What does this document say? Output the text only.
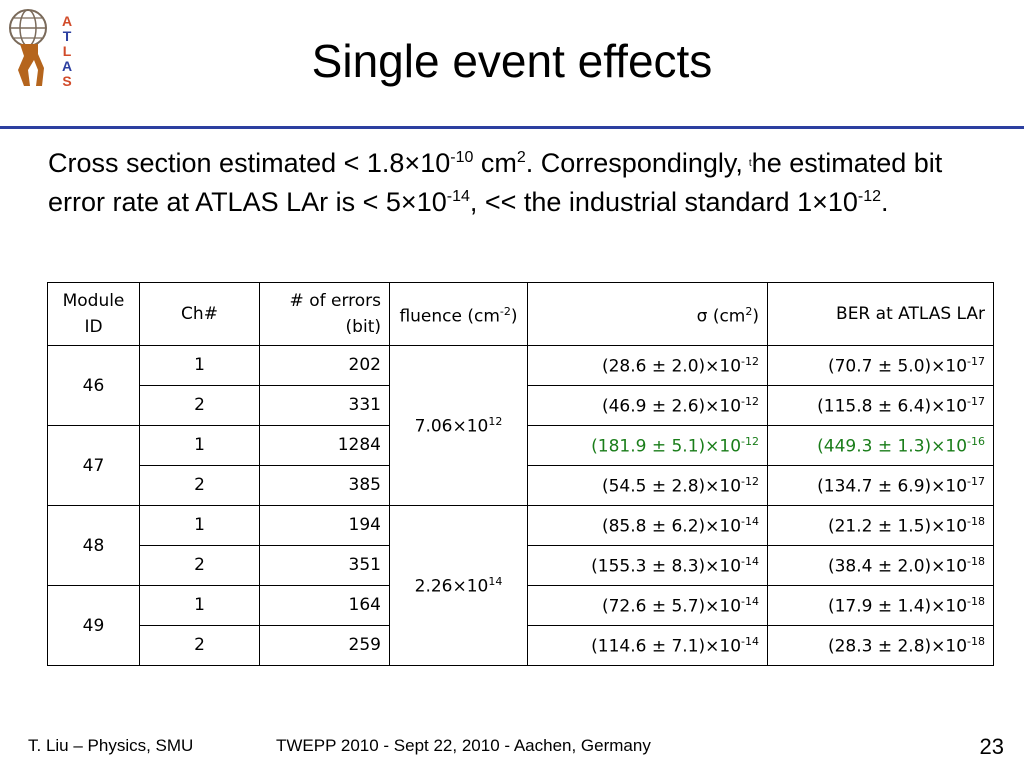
A
T
L
A
S	Single event effects
Cross section estimated < $1.8\times 10^{-10}$ $cm^2$. Correspondingly, $^t$he estimated bit error rate at ATLAS LAr is < $5\times 10^{-14}$, << the industrial standard $1\times 10^{-12}$.
Module ID	Ch#	# of errors (bit)	fluence $(cm^{-2})$	σ $(cm^2)$	BER at ATLAS LAr
46	1	202	$7.06\times 10^{12}$	$(28.6 \pm 2.0)\times 10^{-12}$	$(70.7 \pm 5.0)\times 10^{-17}$
	2	331		$(46.9 \pm 2.6)\times 10^{-12}$	$(115.8 \pm 6.4)\times 10^{-17}$
47	1	1284		$(181.9 \pm 5.1)\times 10^{-12}$	$(449.3 \pm 1.3)\times 10^{-16}$
	2	385		$(54.5 \pm 2.8)\times 10^{-12}$	$(134.7 \pm 6.9)\times 10^{-17}$
48	1	194	$2.26\times 10^{14}$	$(85.8 \pm 6.2)\times 10^{-14}$	$(21.2 \pm 1.5)\times 10^{-18}$
	2	351		$(155.3 \pm 8.3)\times 10^{-14}$	$(38.4 \pm 2.0)\times 10^{-18}$
49	1	164		$(72.6 \pm 5.7)\times 10^{-14}$	$(17.9 \pm 1.4)\times 10^{-18}$
	2	259		$(114.6 \pm 7.1)\times 10^{-14}$	$(28.3 \pm 2.8)\times 10^{-18}$
T. Liu – Physics, SMU	TWEPP 2010 - Sept 22, 2010 - Aachen, Germany	23
